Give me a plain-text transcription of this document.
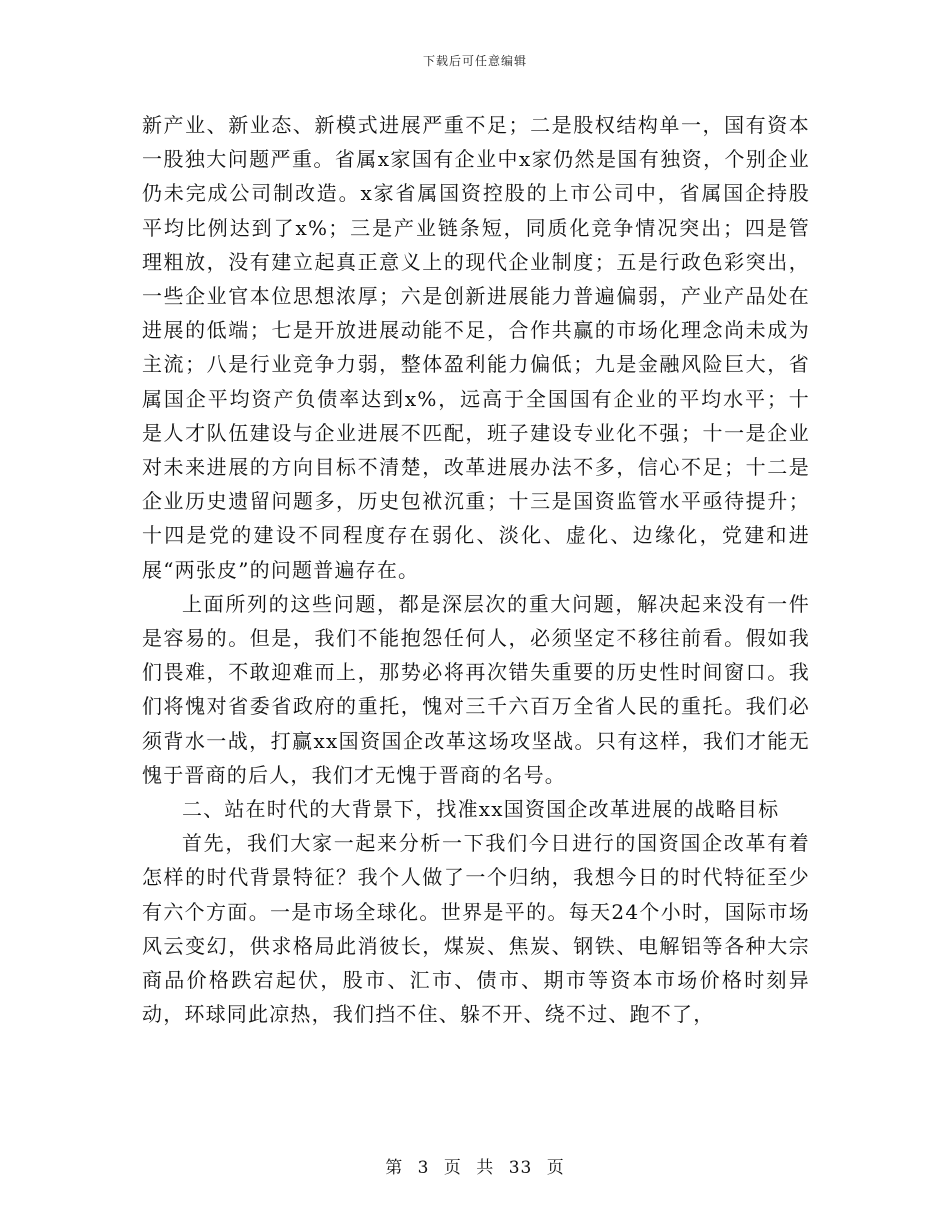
下载后可任意编辑

新产业、新业态、新模式进展严重不足；二是股权结构单一，国有资本一股独大问题严重。省属x家国有企业中x家仍然是国有独资，个别企业仍未完成公司制改造。x家省属国资控股的上市公司中，省属国企持股平均比例达到了x%；三是产业链条短，同质化竞争情况突出；四是管理粗放，没有建立起真正意义上的现代企业制度；五是行政色彩突出，一些企业官本位思想浓厚；六是创新进展能力普遍偏弱，产业产品处在进展的低端；七是开放进展动能不足，合作共赢的市场化理念尚未成为主流；八是行业竞争力弱，整体盈利能力偏低；九是金融风险巨大，省属国企平均资产负债率达到x%，远高于全国国有企业的平均水平；十是人才队伍建设与企业进展不匹配，班子建设专业化不强；十一是企业对未来进展的方向目标不清楚，改革进展办法不多，信心不足；十二是企业历史遗留问题多，历史包袱沉重；十三是国资监管水平亟待提升；十四是党的建设不同程度存在弱化、淡化、虚化、边缘化，党建和进展“两张皮”的问题普遍存在。

上面所列的这些问题，都是深层次的重大问题，解决起来没有一件是容易的。但是，我们不能抱怨任何人，必须坚定不移往前看。假如我们畏难，不敢迎难而上，那势必将再次错失重要的历史性时间窗口。我们将愧对省委省政府的重托，愧对三千六百万全省人民的重托。我们必须背水一战，打赢xx国资国企改革这场攻坚战。只有这样，我们才能无愧于晋商的后人，我们才无愧于晋商的名号。

二、站在时代的大背景下，找准xx国资国企改革进展的战略目标

首先，我们大家一起来分析一下我们今日进行的国资国企改革有着怎样的时代背景特征？我个人做了一个归纳，我想今日的时代特征至少有六个方面。一是市场全球化。世界是平的。每天24个小时，国际市场风云变幻，供求格局此消彼长，煤炭、焦炭、钢铁、电解铝等各种大宗商品价格跌宕起伏，股市、汇市、债市、期市等资本市场价格时刻异动，环球同此凉热，我们挡不住、躲不开、绕不过、跑不了，

第 3 页 共 33 页
